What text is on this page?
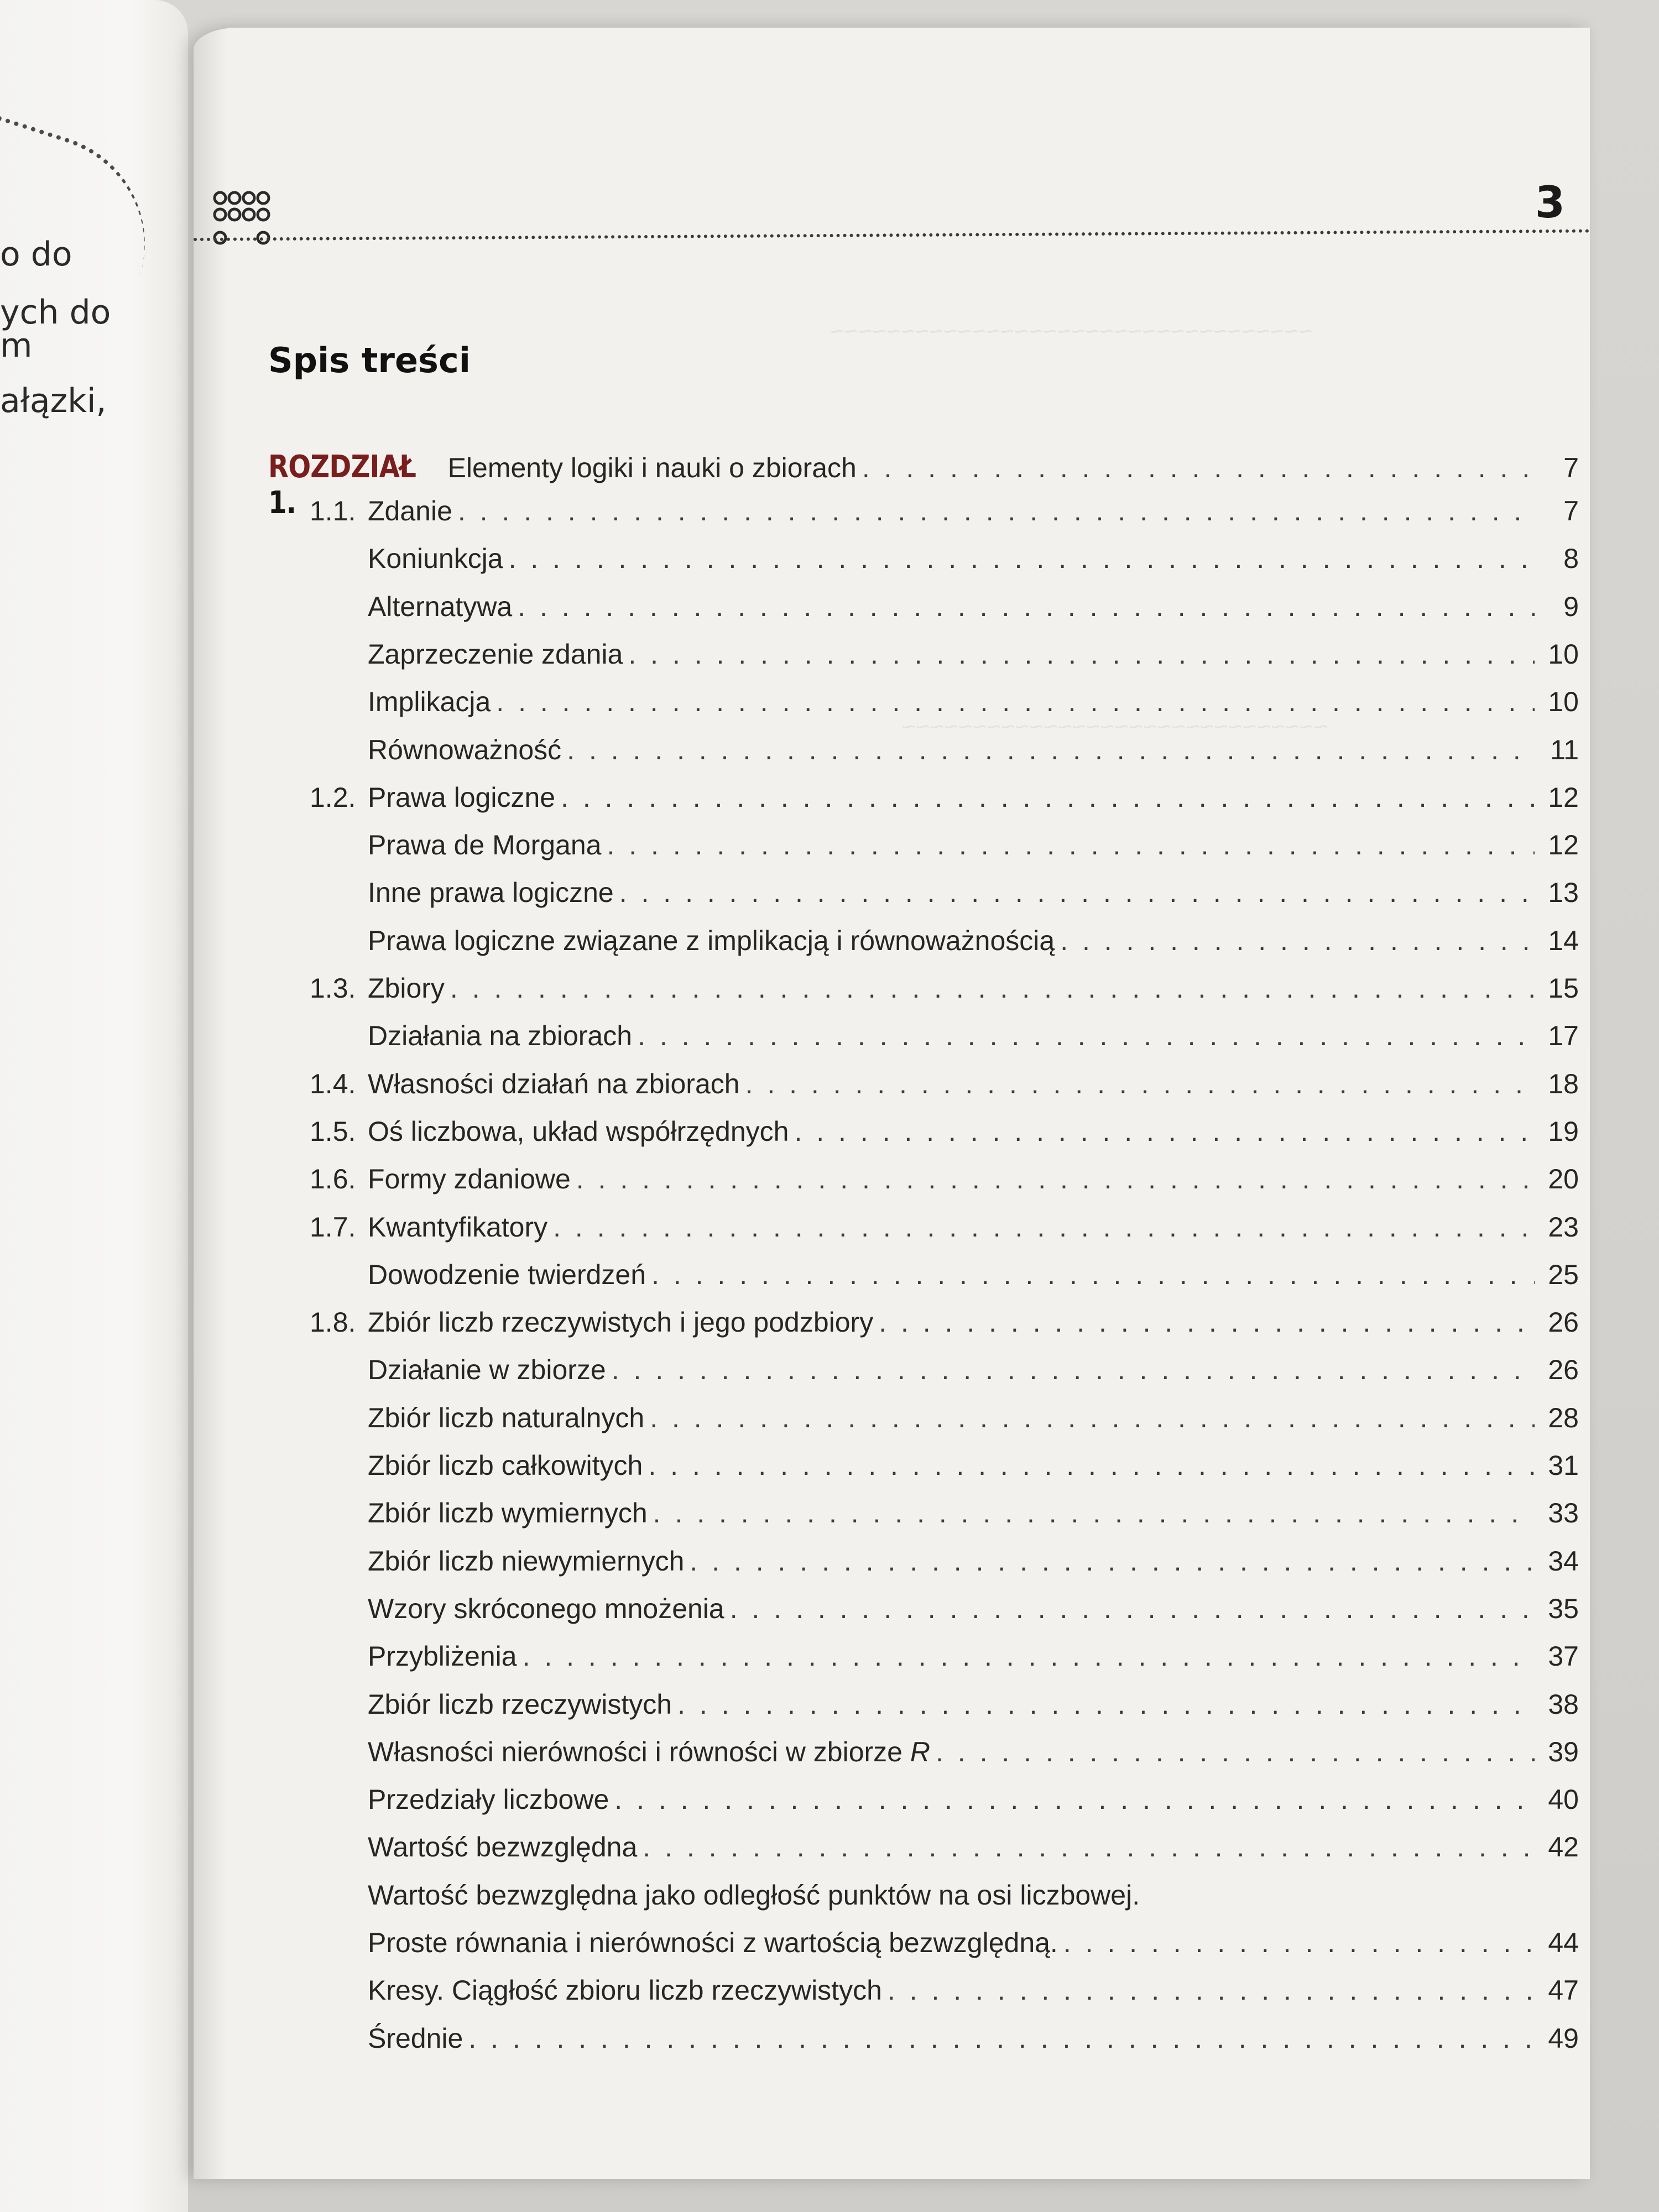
o do
ych do
m
ałązki,
~~~~~~~~~~~~~~~~~~~~~~~~~~~~~~~~~~
~~~~~~~~~~~~~~~~~~~~~~~~~~~~~~
3
Spis treści
ROZDZIAŁ 1.
Elementy logiki i nauki o zbiorach . . .	7
1.1. Zdanie . . .	7
Koniunkcja . . .	8
Alternatywa . . .	9
Zaprzeczenie zdania . . .	10
Implikacja . . .	10
Równoważność . . .	11
1.2. Prawa logiczne . . .	12
Prawa de Morgana . . .	12
Inne prawa logiczne . . .	13
Prawa logiczne związane z implikacją i równoważnością . . .	14
1.3. Zbiory . . .	15
Działania na zbiorach . . .	17
1.4. Własności działań na zbiorach . . .	18
1.5. Oś liczbowa, układ współrzędnych . . .	19
1.6. Formy zdaniowe . . .	20
1.7. Kwantyfikatory . . .	23
Dowodzenie twierdzeń . . .	25
1.8. Zbiór liczb rzeczywistych i jego podzbiory . . .	26
Działanie w zbiorze . . .	26
Zbiór liczb naturalnych . . .	28
Zbiór liczb całkowitych . . .	31
Zbiór liczb wymiernych . . .	33
Zbiór liczb niewymiernych . . .	34
Wzory skróconego mnożenia . . .	35
Przybliżenia . . .	37
Zbiór liczb rzeczywistych . . .	38
Własności nierówności i równości w zbiorze R . . .	39
Przedziały liczbowe . . .	40
Wartość bezwzględna . . .	42
Wartość bezwzględna jako odległość punktów na osi liczbowej.
Proste równania i nierówności z wartością bezwzględną. . . .	44
Kresy. Ciągłość zbioru liczb rzeczywistych . . .	47
Średnie . . .	49
